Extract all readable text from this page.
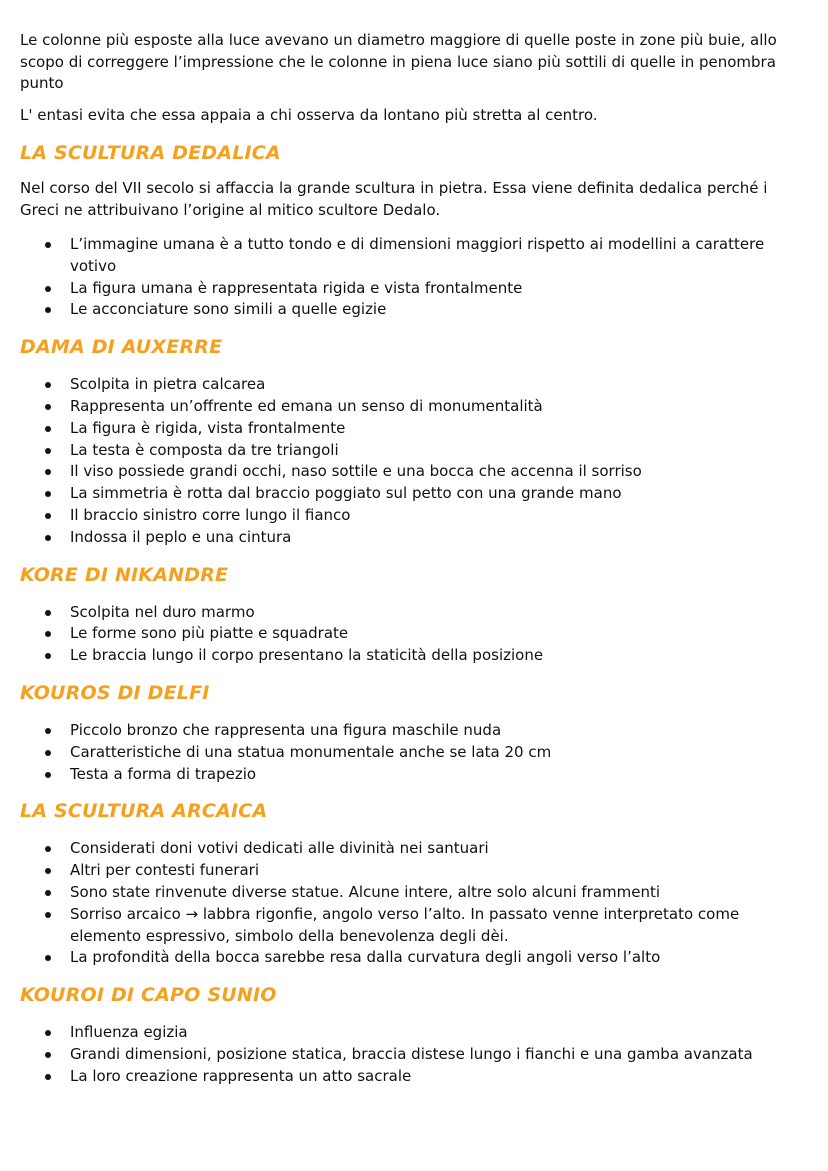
Le colonne più esposte alla luce avevano un diametro maggiore di quelle poste in zone più buie, allo scopo di correggere l’impressione che le colonne in piena luce siano più sottili di quelle in penombra punto

L' entasi evita che essa appaia a chi osserva da lontano più stretta al centro.

LA SCULTURA DEDALICA

Nel corso del VII secolo si affaccia la grande scultura in pietra. Essa viene definita dedalica perché i Greci ne attribuivano l’origine al mitico scultore Dedalo.

L’immagine umana è a tutto tondo e di dimensioni maggiori rispetto ai modellini a carattere votivo
La figura umana è rappresentata rigida e vista frontalmente
Le acconciature sono simili a quelle egizie
DAMA DI AUXERRE
Scolpita in pietra calcarea
Rappresenta un’offrente ed emana un senso di monumentalità
La figura è rigida, vista frontalmente
La testa è composta da tre triangoli
Il viso possiede grandi occhi, naso sottile e una bocca che accenna il sorriso
La simmetria è rotta dal braccio poggiato sul petto con una grande mano
Il braccio sinistro corre lungo il fianco
Indossa il peplo e una cintura
KORE DI NIKANDRE
Scolpita nel duro marmo
Le forme sono più piatte e squadrate
Le braccia lungo il corpo presentano la staticità della posizione
KOUROS DI DELFI
Piccolo bronzo che rappresenta una figura maschile nuda
Caratteristiche di una statua monumentale anche se lata 20 cm
Testa a forma di trapezio
LA SCULTURA ARCAICA
Considerati doni votivi dedicati alle divinità nei santuari
Altri per contesti funerari
Sono state rinvenute diverse statue. Alcune intere, altre solo alcuni frammenti
Sorriso arcaico → labbra rigonfie, angolo verso l’alto. In passato venne interpretato come elemento espressivo, simbolo della benevolenza degli dèi.
La profondità della bocca sarebbe resa dalla curvatura degli angoli verso l’alto
KOUROI DI CAPO SUNIO
Influenza egizia
Grandi dimensioni, posizione statica, braccia distese lungo i fianchi e una gamba avanzata
La loro creazione rappresenta un atto sacrale
